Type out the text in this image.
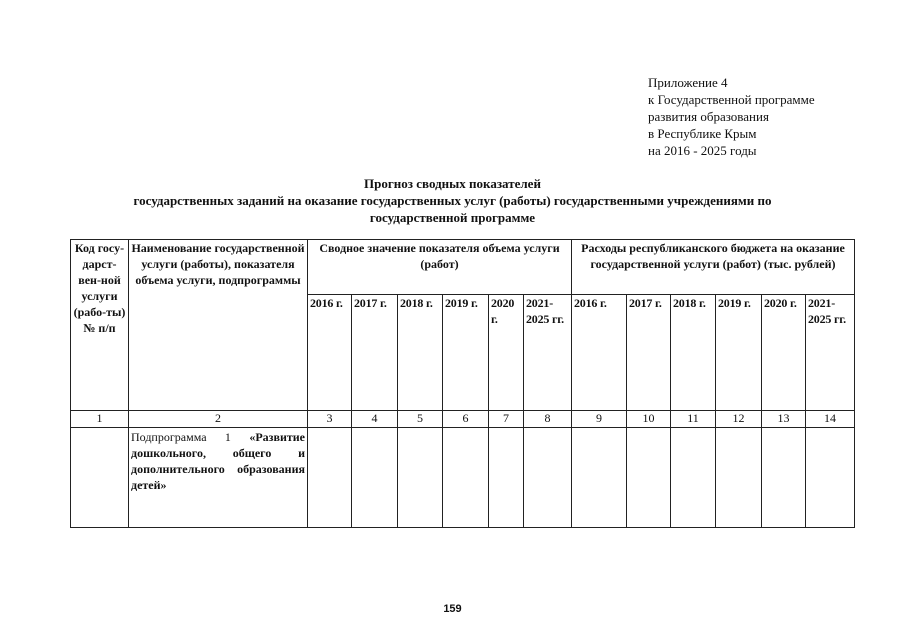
Приложение 4
к Государственной программе
развития образования
в Республике Крым
на 2016 - 2025 годы
Прогноз сводных показателей
государственных заданий на оказание государственных услуг (работы) государственными учреждениями по
государственной программе
Код госу-дарст-вен-ной услуги (рабо-ты) № п/п	Наименование государственной услуги (работы), показателя объема услуги, подпрограммы	Сводное значение показателя объема услуги (работ)						Расходы республиканского бюджета на оказание государственной услуги (работ) (тыс. рублей)					
		2016 г.	2017 г.	2018 г.	2019 г.	2020 г.	2021-2025 гг.	2016 г.	2017 г.	2018 г.	2019 г.	2020 г.	2021-2025 гг.
1	2	3	4	5	6	7	8	9	10	11	12	13	14
	Подпрограмма 1 «Развитие дошкольного, общего и дополнительного образования детей»												
159
